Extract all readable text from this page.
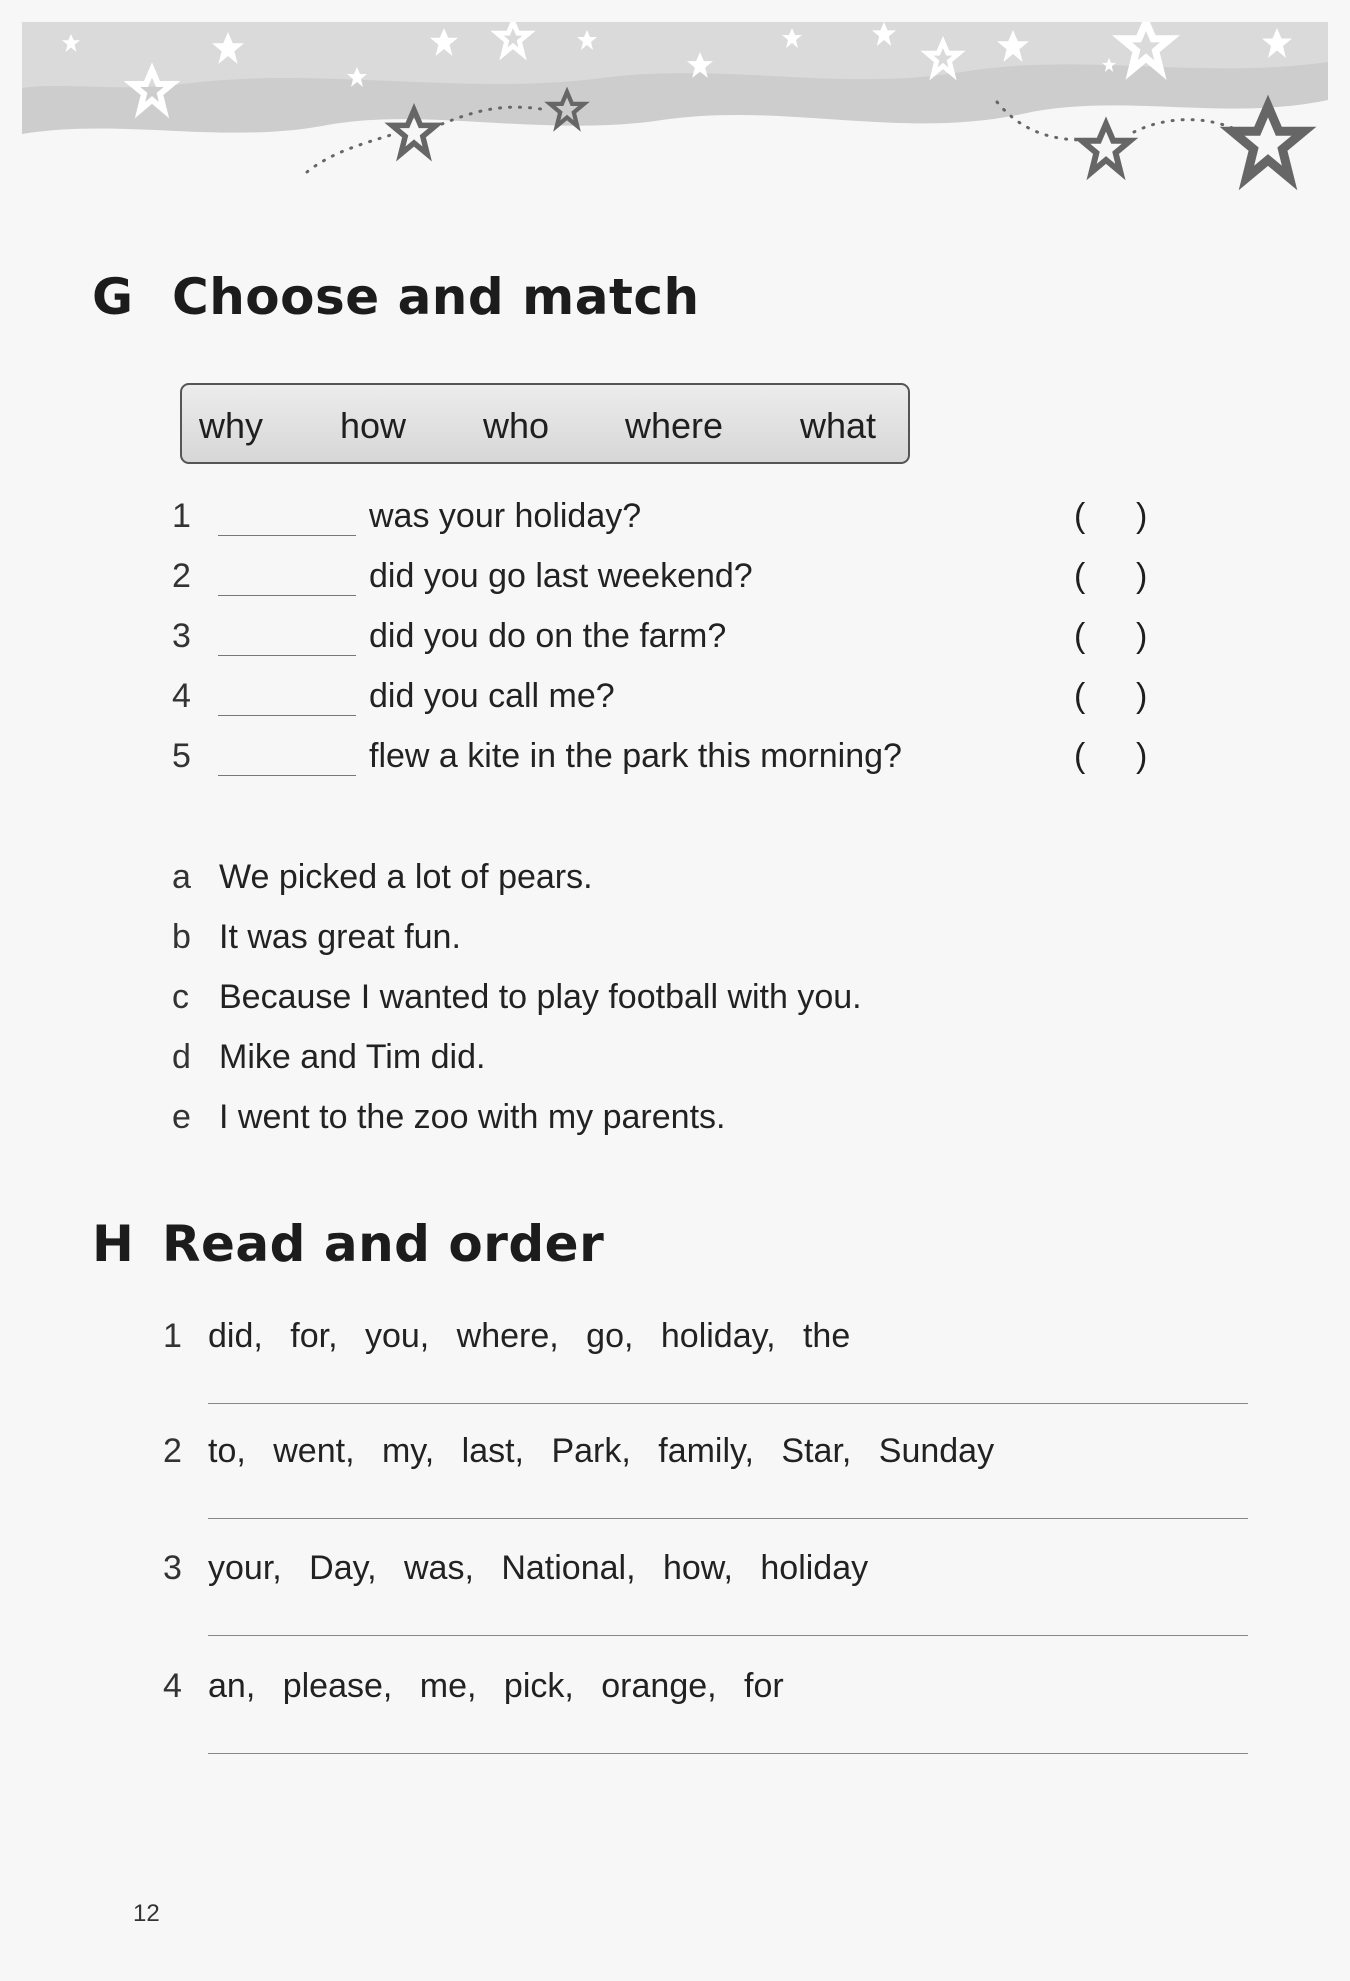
G Choose and match
why how who where what
1	was your holiday?	( )
2	did you go last weekend?	( )
3	did you do on the farm?	( )
4	did you call me?	( )
5	flew a kite in the park this morning?	( )
a We picked a lot of pears.
b It was great fun.
c Because I wanted to play football with you.
d Mike and Tim did.
e I went to the zoo with my parents.
H Read and order
1 did, for, you, where, go, holiday, the
2 to, went, my, last, Park, family, Star, Sunday
3 your, Day, was, National, how, holiday
4 an, please, me, pick, orange, for
12
